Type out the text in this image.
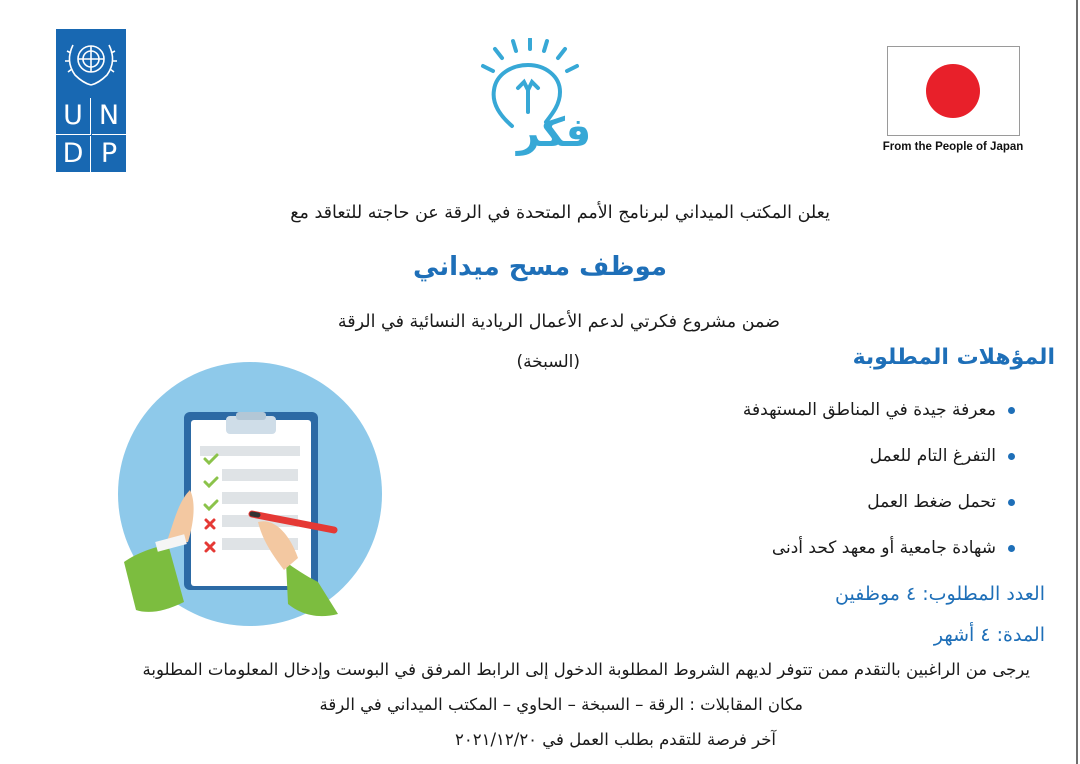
U N
D P	فكر	From the People of Japan
يعلن المكتب الميداني لبرنامج الأمم المتحدة في الرقة عن حاجته للتعاقد مع
موظف مسح ميداني
ضمن مشروع فكرتي لدعم الأعمال الريادية النسائية في الرقة
(السبخة)	المؤهلات المطلوبة
معرفة جيدة في المناطق المستهدفة
التفرغ التام للعمل
تحمل ضغط العمل
شهادة جامعية أو معهد كحد أدنى
العدد المطلوب: ٤ موظفين
المدة: ٤ أشهر
يرجى من الراغبين بالتقدم ممن تتوفر لديهم الشروط المطلوبة الدخول إلى الرابط المرفق في البوست وإدخال المعلومات المطلوبة
مكان المقابلات : الرقة – السبخة – الحاوي – المكتب الميداني في الرقة
آخر فرصة للتقدم بطلب العمل في ٢٠٢١/١٢/٢٠
